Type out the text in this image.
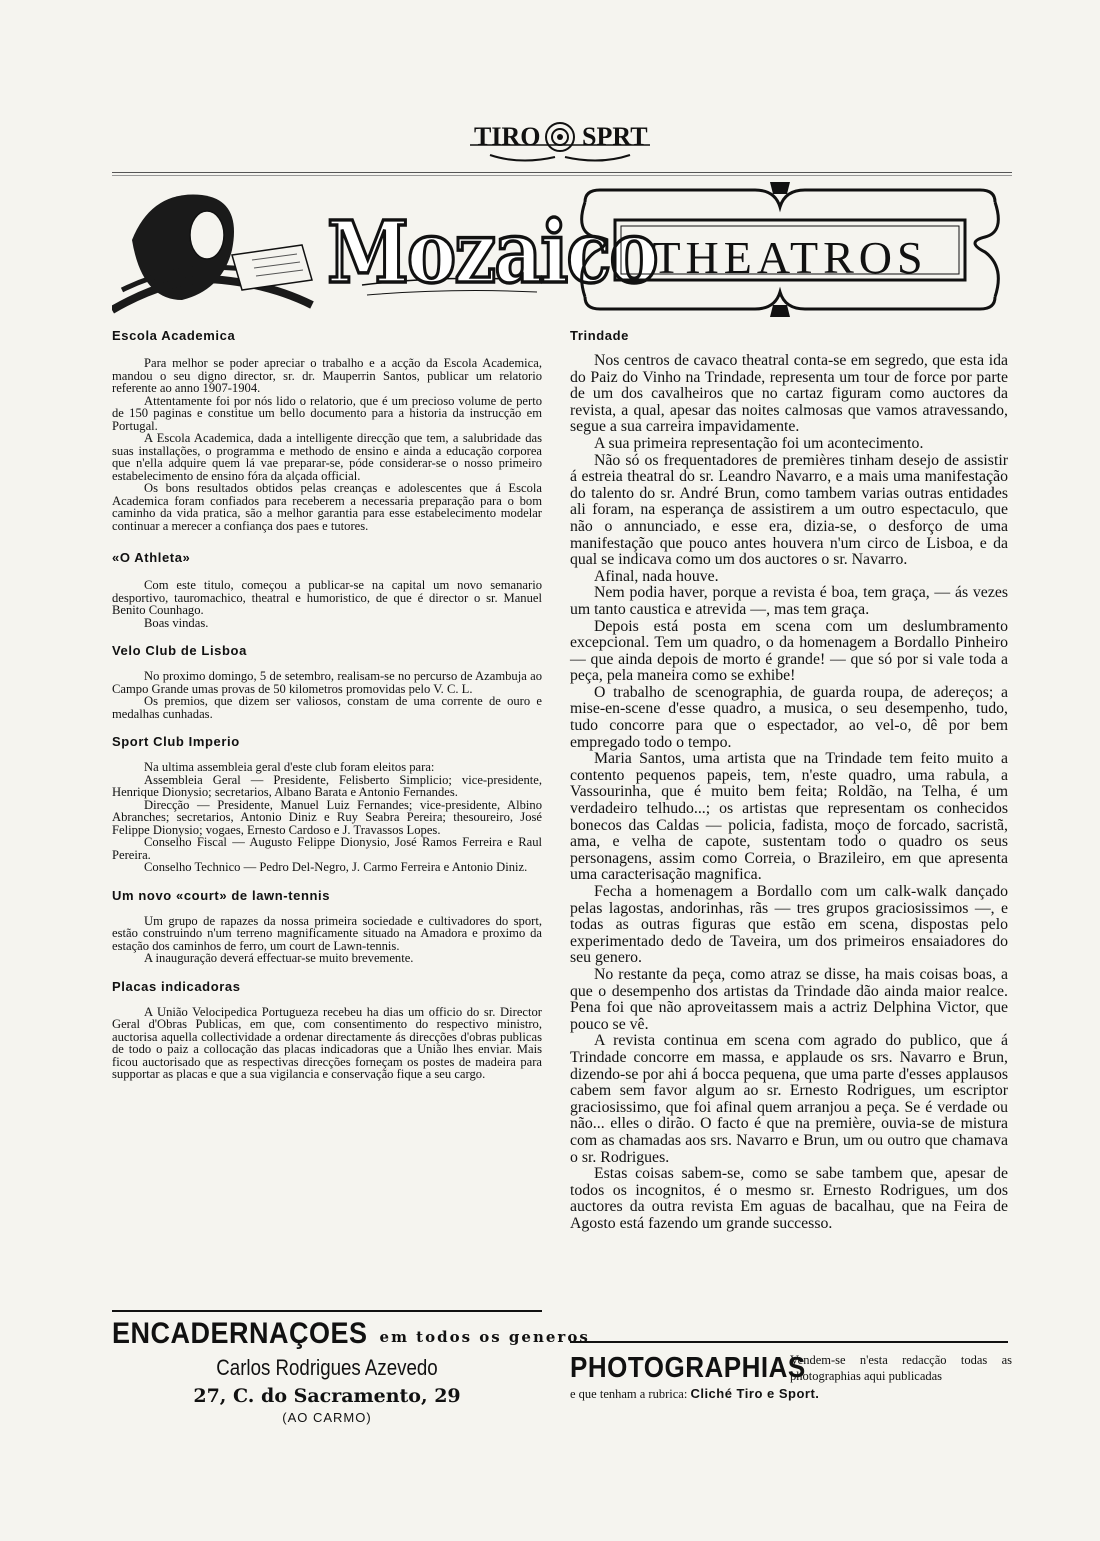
TIRO SPRT
Mozaico
THEATROS
Escola Academica

Para melhor se poder apreciar o trabalho e a acção da Escola Academica, mandou o seu digno director, sr. dr. Mauperrin Santos, publicar um relatorio referente ao anno 1907-1904.

Attentamente foi por nós lido o relatorio, que é um precioso volume de perto de 150 paginas e constitue um bello documento para a historia da instrucção em Portugal.

A Escola Academica, dada a intelligente direcção que tem, a salubridade das suas installações, o programma e methodo de ensino e ainda a educação corporea que n'ella adquire quem lá vae preparar-se, póde considerar-se o nosso primeiro estabelecimento de ensino fóra da alçada official.

Os bons resultados obtidos pelas creanças e adolescentes que á Escola Academica foram confiados para receberem a necessaria preparação para o bom caminho da vida pratica, são a melhor garantia para esse estabelecimento modelar continuar a merecer a confiança dos paes e tutores.

«O Athleta»

Com este titulo, começou a publicar-se na capital um novo semanario desportivo, tauromachico, theatral e humoristico, de que é director o sr. Manuel Benito Counhago.

Boas vindas.

Velo Club de Lisboa

No proximo domingo, 5 de setembro, realisam-se no percurso de Azambuja ao Campo Grande umas provas de 50 kilometros promovidas pelo V. C. L.

Os premios, que dizem ser valiosos, constam de uma corrente de ouro e medalhas cunhadas.

Sport Club Imperio

Na ultima assembleia geral d'este club foram eleitos para:

Assembleia Geral — Presidente, Felisberto Simplicio; vice-presidente, Henrique Dionysio; secretarios, Albano Barata e Antonio Fernandes.

Direcção — Presidente, Manuel Luiz Fernandes; vice-presidente, Albino Abranches; secretarios, Antonio Diniz e Ruy Seabra Pereira; thesoureiro, José Felippe Dionysio; vogaes, Ernesto Cardoso e J. Travassos Lopes.

Conselho Fiscal — Augusto Felippe Dionysio, José Ramos Ferreira e Raul Pereira.

Conselho Technico — Pedro Del-Negro, J. Carmo Ferreira e Antonio Diniz.

Um novo «court» de lawn-tennis

Um grupo de rapazes da nossa primeira sociedade e cultivadores do sport, estão construindo n'um terreno magnificamente situado na Amadora e proximo da estação dos caminhos de ferro, um court de Lawn-tennis.

A inauguração deverá effectuar-se muito brevemente.

Placas indicadoras

A União Velocipedica Portugueza recebeu ha dias um officio do sr. Director Geral d'Obras Publicas, em que, com consentimento do respectivo ministro, auctorisa aquella collectividade a ordenar directamente ás direcções d'obras publicas de todo o paiz a collocação das placas indicadoras que a União lhes enviar. Mais ficou auctorisado que as respectivas direcções forneçam os postes de madeira para supportar as placas e que a sua vigilancia e conservação fique a seu cargo.

Trindade

Nos centros de cavaco theatral conta-se em segredo, que esta ida do Paiz do Vinho na Trindade, representa um tour de force por parte de um dos cavalheiros que no cartaz figuram como auctores da revista, a qual, apesar das noites calmosas que vamos atravessando, segue a sua carreira impavidamente.

A sua primeira representação foi um acontecimento.

Não só os frequentadores de premières tinham desejo de assistir á estreia theatral do sr. Leandro Navarro, e a mais uma manifestação do talento do sr. André Brun, como tambem varias outras entidades ali foram, na esperança de assistirem a um outro espectaculo, que não o annunciado, e esse era, dizia-se, o desforço de uma manifestação que pouco antes houvera n'um circo de Lisboa, e da qual se indicava como um dos auctores o sr. Navarro.

Afinal, nada houve.

Nem podia haver, porque a revista é boa, tem graça, — ás vezes um tanto caustica e atrevida —, mas tem graça.

Depois está posta em scena com um deslumbramento excepcional. Tem um quadro, o da homenagem a Bordallo Pinheiro — que ainda depois de morto é grande! — que só por si vale toda a peça, pela maneira como se exhibe!

O trabalho de scenographia, de guarda roupa, de adereços; a mise-en-scene d'esse quadro, a musica, o seu desempenho, tudo, tudo concorre para que o espectador, ao vel-o, dê por bem empregado todo o tempo.

Maria Santos, uma artista que na Trindade tem feito muito a contento pequenos papeis, tem, n'este quadro, uma rabula, a Vassourinha, que é muito bem feita; Roldão, na Telha, é um verdadeiro telhudo...; os artistas que representam os conhecidos bonecos das Caldas — policia, fadista, moço de forcado, sacristã, ama, e velha de capote, sustentam todo o quadro os seus personagens, assim como Correia, o Brazileiro, em que apresenta uma caracterisação magnifica.

Fecha a homenagem a Bordallo com um calk-walk dançado pelas lagostas, andorinhas, rãs — tres grupos graciosissimos —, e todas as outras figuras que estão em scena, dispostas pelo experimentado dedo de Taveira, um dos primeiros ensaiadores do seu genero.

No restante da peça, como atraz se disse, ha mais coisas boas, a que o desempenho dos artistas da Trindade dão ainda maior realce. Pena foi que não aproveitassem mais a actriz Delphina Victor, que pouco se vê.

A revista continua em scena com agrado do publico, que á Trindade concorre em massa, e applaude os srs. Navarro e Brun, dizendo-se por ahi á bocca pequena, que uma parte d'esses applausos cabem sem favor algum ao sr. Ernesto Rodrigues, um escriptor graciosissimo, que foi afinal quem arranjou a peça. Se é verdade ou não... elles o dirão. O facto é que na première, ouvia-se de mistura com as chamadas aos srs. Navarro e Brun, um ou outro que chamava o sr. Rodrigues.

Estas coisas sabem-se, como se sabe tambem que, apesar de todos os incognitos, é o mesmo sr. Ernesto Rodrigues, um dos auctores da outra revista Em aguas de bacalhau, que na Feira de Agosto está fazendo um grande successo.

ENCADERNAÇOES em todos os generos
Carlos Rodrigues Azevedo
27, C. do Sacramento, 29
(AO CARMO)
PHOTOGRAPHIAS
Vendem-se n'esta redacção todas as photographias aqui publicadas
e que tenham a rubrica: Cliché Tiro e Sport.
